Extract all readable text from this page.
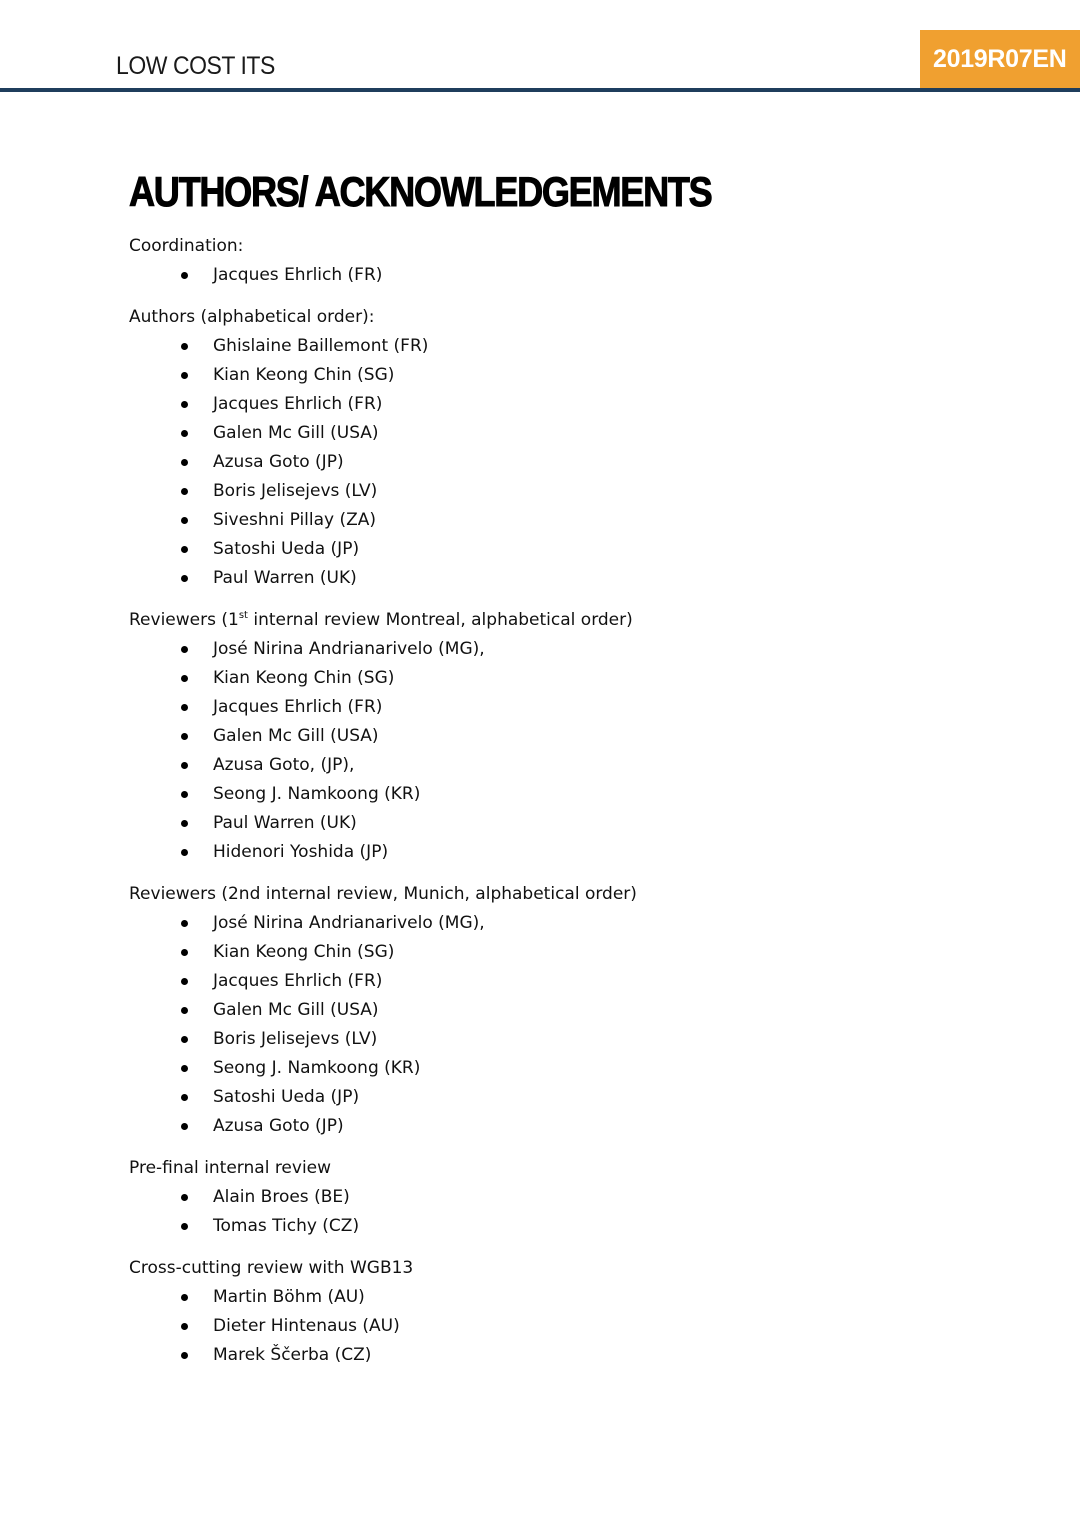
LOW COST ITS	2019R07EN
AUTHORS/ ACKNOWLEDGEMENTS

Coordination:

Jacques Ehrlich (FR)

Authors (alphabetical order):

Ghislaine Baillemont (FR)
Kian Keong Chin (SG)
Jacques Ehrlich (FR)
Galen Mc Gill (USA)
Azusa Goto (JP)
Boris Jelisejevs (LV)
Siveshni Pillay (ZA)
Satoshi Ueda (JP)
Paul Warren (UK)

Reviewers (1st internal review Montreal, alphabetical order)

José Nirina Andrianarivelo (MG),
Kian Keong Chin (SG)
Jacques Ehrlich (FR)
Galen Mc Gill (USA)
Azusa Goto, (JP),
Seong J. Namkoong (KR)
Paul Warren (UK)
Hidenori Yoshida (JP)

Reviewers (2nd internal review, Munich, alphabetical order)

José Nirina Andrianarivelo (MG),
Kian Keong Chin (SG)
Jacques Ehrlich (FR)
Galen Mc Gill (USA)
Boris Jelisejevs (LV)
Seong J. Namkoong (KR)
Satoshi Ueda (JP)
Azusa Goto (JP)

Pre-final internal review

Alain Broes (BE)
Tomas Tichy (CZ)

Cross-cutting review with WGB13

Martin Böhm (AU)
Dieter Hintenaus (AU)
Marek Ščerba (CZ)
